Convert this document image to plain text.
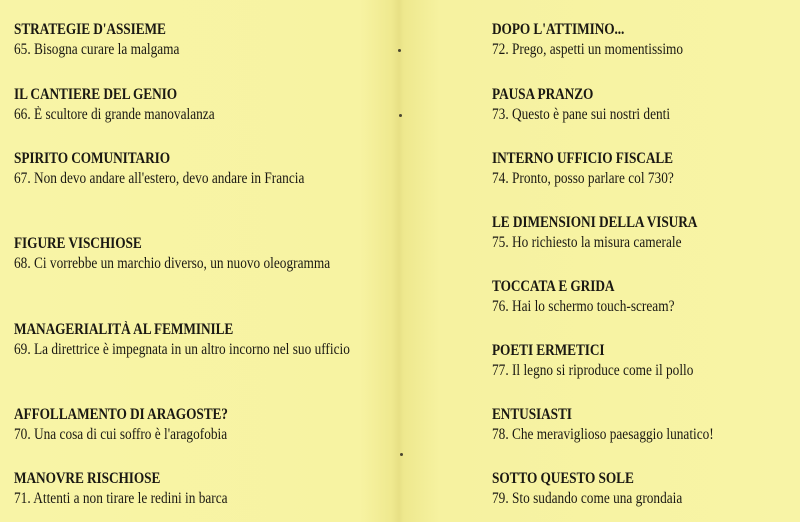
STRATEGIE D'ASSIEME
65. Bisogna curare la malgama
IL CANTIERE DEL GENIO
66. È scultore di grande manovalanza
SPIRITO COMUNITARIO
67. Non devo andare all'estero, devo andare in Francia
FIGURE VISCHIOSE
68. Ci vorrebbe un marchio diverso, un nuovo oleogramma
MANAGERIALITÀ AL FEMMINILE
69. La direttrice è impegnata in un altro incorno nel suo ufficio
AFFOLLAMENTO DI ARAGOSTE?
70. Una cosa di cui soffro è l'aragofobia
MANOVRE RISCHIOSE
71. Attenti a non tirare le redini in barca
DOPO L'ATTIMINO...
72. Prego, aspetti un momentissimo
PAUSA PRANZO
73. Questo è pane sui nostri denti
INTERNO UFFICIO FISCALE
74. Pronto, posso parlare col 730?
LE DIMENSIONI DELLA VISURA
75. Ho richiesto la misura camerale
TOCCATA E GRIDA
76. Hai lo schermo touch-scream?
POETI ERMETICI
77. Il legno si riproduce come il pollo
ENTUSIASTI
78. Che meraviglioso paesaggio lunatico!
SOTTO QUESTO SOLE
79. Sto sudando come una grondaia
